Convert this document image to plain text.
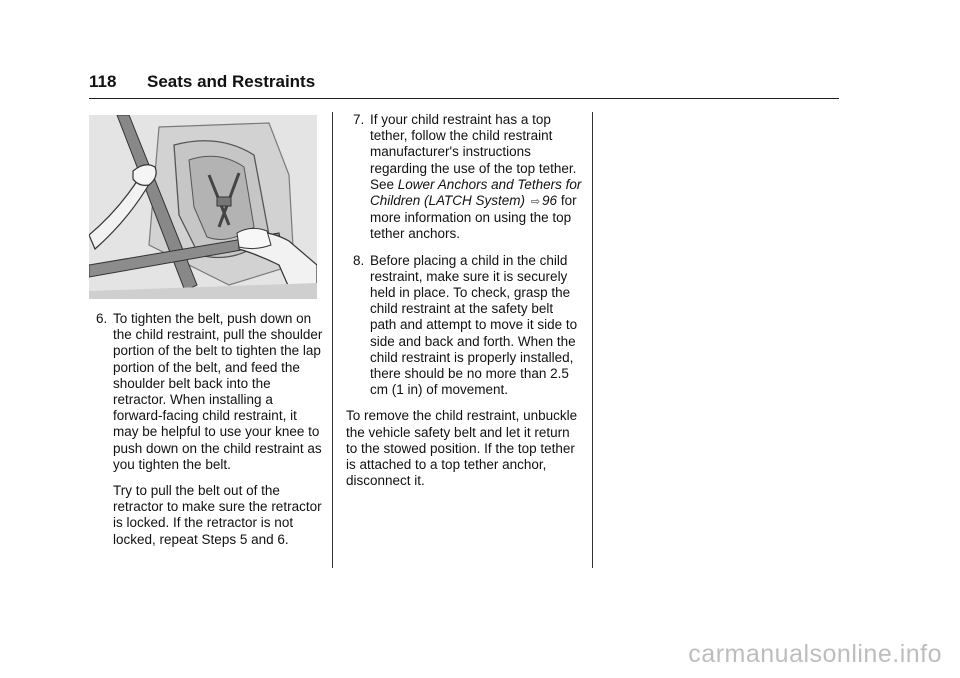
118 Seats and Restraints

6. To tighten the belt, push down on the child restraint, pull the shoulder portion of the belt to tighten the lap portion of the belt, and feed the shoulder belt back into the retractor. When installing a forward-facing child restraint, it may be helpful to use your knee to push down on the child restraint as you tighten the belt.

Try to pull the belt out of the retractor to make sure the retractor is locked. If the retractor is not locked, repeat Steps 5 and 6.

7. If your child restraint has a top tether, follow the child restraint manufacturer's instructions regarding the use of the top tether. See Lower Anchors and Tethers for Children (LATCH System) ⇨ 96 for more information on using the top tether anchors.

8. Before placing a child in the child restraint, make sure it is securely held in place. To check, grasp the child restraint at the safety belt path and attempt to move it side to side and back and forth. When the child restraint is properly installed, there should be no more than 2.5 cm (1 in) of movement.

To remove the child restraint, unbuckle the vehicle safety belt and let it return to the stowed position. If the top tether is attached to a top tether anchor, disconnect it.

carmanualsonline.info
